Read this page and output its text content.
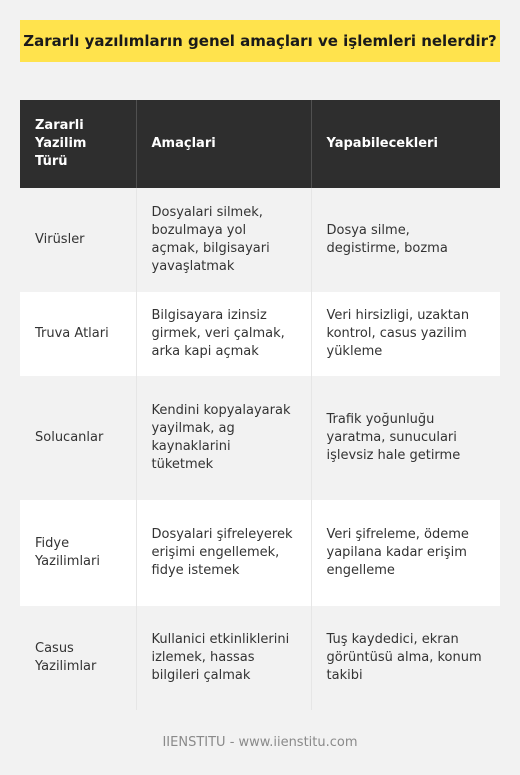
Zararlı yazılımların genel amaçları ve işlemleri nelerdir?
Zararli Yazilim Türü	Amaçlari	Yapabilecekleri
Virüsler	Dosyalari silmek, bozulmaya yol açmak, bilgisayari yavaşlatmak	Dosya silme, degistirme, bozma
Truva Atlari	Bilgisayara izinsiz girmek, veri çalmak, arka kapi açmak	Veri hirsizligi, uzaktan kontrol, casus yazilim yükleme
Solucanlar	Kendini kopyalayarak yayilmak, ag kaynaklarini tüketmek	Trafik yoğunluğu yaratma, sunuculari işlevsiz hale getirme
Fidye Yazilimlari	Dosyalari şifreleyerek erişimi engellemek, fidye istemek	Veri şifreleme, ödeme yapilana kadar erişim engelleme
Casus Yazilimlar	Kullanici etkinliklerini izlemek, hassas bilgileri çalmak	Tuş kaydedici, ekran görüntüsü alma, konum takibi
IIENSTITU - www.iienstitu.com
